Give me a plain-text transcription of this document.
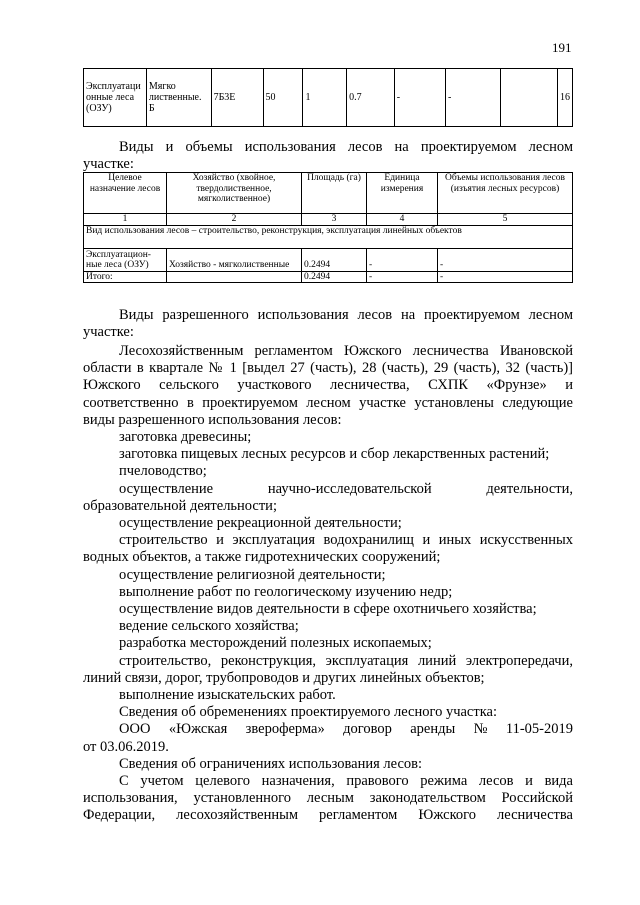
191
Эксплуатаци онные леса (ОЗУ)	Мягко лиственные. Б	7Б3Е	50	1	0.7	-	-		16
Виды и объемы использования лесов на проектируемом лесном
участке:
Целевое назначение лесов	Хозяйство (хвойное, твердолиственное, мягколиственное)	Площадь (га)	Единица измерения	Объемы использования лесов (изъятия лесных ресурсов)
1	2	3	4	5
Вид использования лесов – строительство, реконструкция, эксплуатация линейных объектов				
Эксплуатацион-ные леса (ОЗУ)	Хозяйство - мягколиственные	0.2494	-	-
Итого:		0.2494	-	-
Виды разрешенного использования лесов на проектируемом лесном
участке:
Лесохозяйственным регламентом Южского лесничества Ивановской
области в квартале № 1 [выдел 27 (часть), 28 (часть), 29 (часть), 32 (часть)]
Южского сельского участкового лесничества, СХПК «Фрунзе» и
соответственно в проектируемом лесном участке установлены следующие
виды разрешенного использования лесов:
заготовка древесины;
заготовка пищевых лесных ресурсов и сбор лекарственных растений;
пчеловодство;
осуществление	научно-исследовательской	деятельности,
образовательной деятельности;
осуществление рекреационной деятельности;
строительство и эксплуатация водохранилищ и иных искусственных
водных объектов, а также гидротехнических сооружений;
осуществление религиозной деятельности;
выполнение работ по геологическому изучению недр;
осуществление видов деятельности в сфере охотничьего хозяйства;
ведение сельского хозяйства;
разработка месторождений полезных ископаемых;
строительство, реконструкция, эксплуатация линий электропередачи,
линий связи, дорог, трубопроводов и других линейных объектов;
выполнение изыскательских работ.
Сведения об обременениях проектируемого лесного участка:
ООО «Южская звероферма» договор аренды № 11-05-2019
от 03.06.2019.
Сведения об ограничениях использования лесов:
С учетом целевого назначения, правового режима лесов и вида
использования, установленного лесным законодательством Российской
Федерации, лесохозяйственным регламентом Южского лесничества
